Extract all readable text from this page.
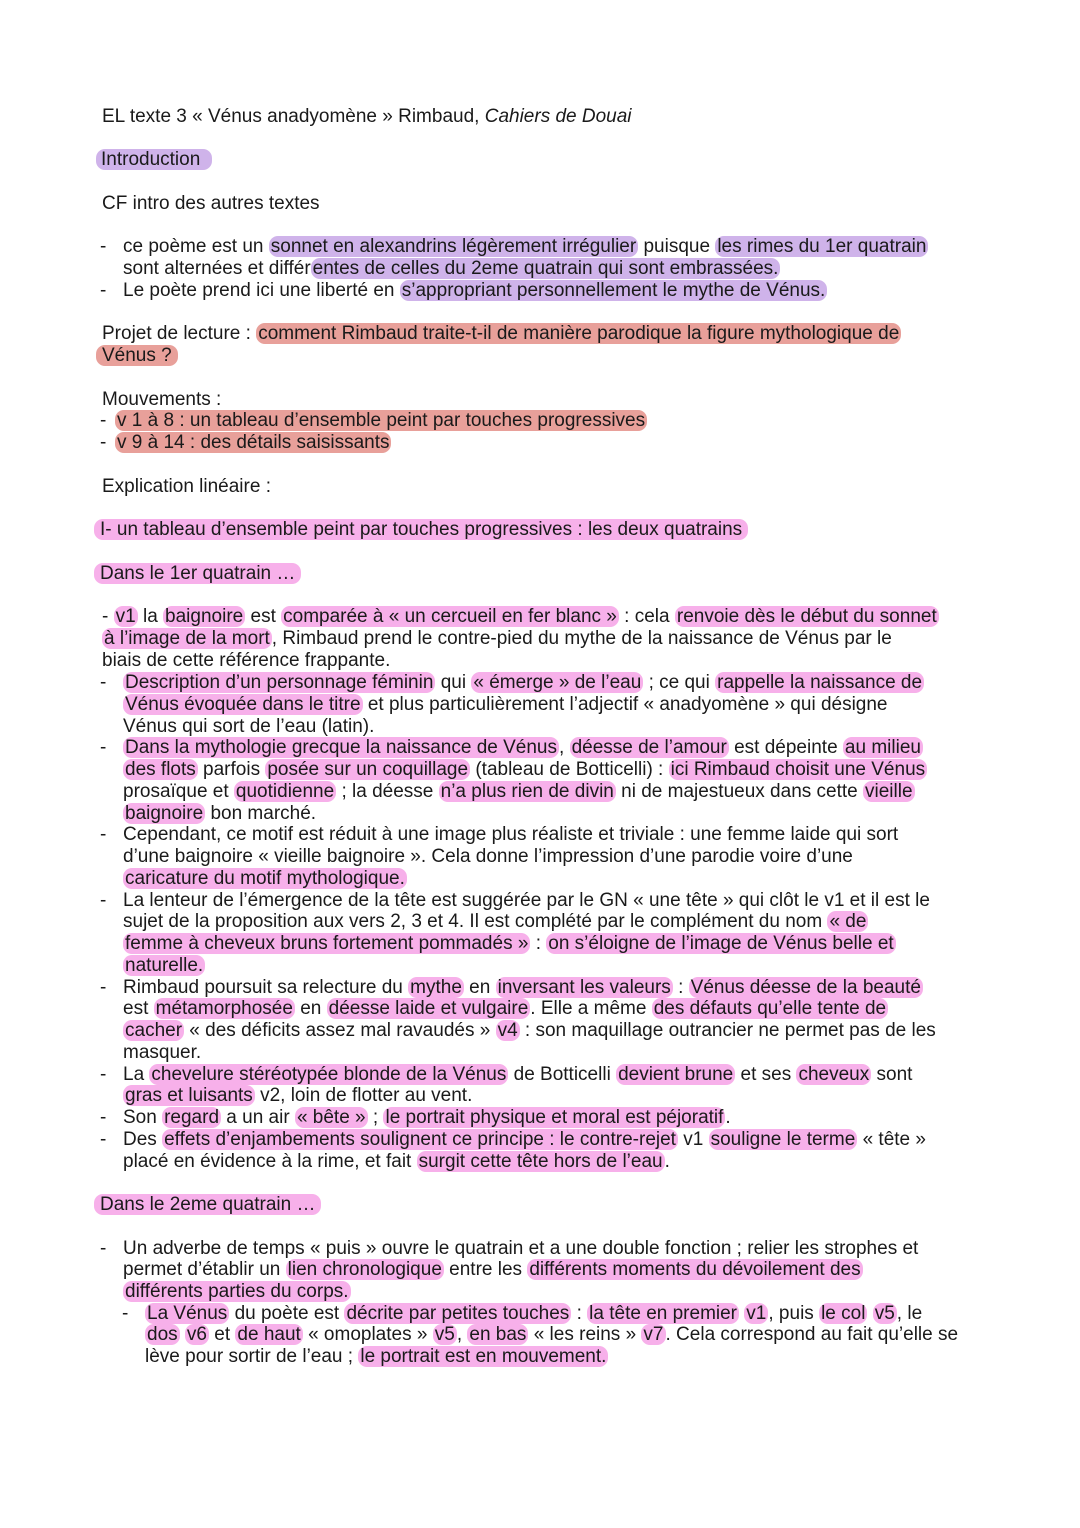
EL texte 3 « Vénus anadyomène » Rimbaud, Cahiers de Douai
Introduction
CF intro des autres textes
- ce poème est un sonnet en alexandrins légèrement irrégulier puisque les rimes du 1er quatrain
sont alternées et différ entes de celles du 2eme quatrain qui sont embrassées.
- Le poète prend ici une liberté en s’appropriant personnellement le mythe de Vénus.
Projet de lecture : comment Rimbaud traite-t-il de manière parodique la figure mythologique de
Vénus ?
Mouvements :
- v 1 à 8 : un tableau d’ensemble peint par touches progressives
- v 9 à 14 : des détails saisissants
Explication linéaire :
I- un tableau d’ensemble peint par touches progressives : les deux quatrains
Dans le 1er quatrain …
- v1 la baignoire est comparée à « un cercueil en fer blanc » : cela renvoie dès le début du sonnet
à l’image de la mort , Rimbaud prend le contre-pied du mythe de la naissance de Vénus par le
biais de cette référence frappante.
- Description d’un personnage féminin qui « émerge » de l’eau ; ce qui rappelle la naissance de
Vénus évoquée dans le titre et plus particulièrement l’adjectif « anadyomène » qui désigne
Vénus qui sort de l’eau (latin).
- Dans la mythologie grecque la naissance de Vénus , déesse de l’amour est dépeinte au milieu
des flots parfois posée sur un coquillage (tableau de Botticelli) : ici Rimbaud choisit une Vénus
prosaïque et quotidienne ; la déesse n’a plus rien de divin ni de majestueux dans cette vieille
baignoire bon marché.
- Cependant, ce motif est réduit à une image plus réaliste et triviale : une femme laide qui sort
d’une baignoire « vieille baignoire ». Cela donne l’impression d’une parodie voire d’une
caricature du motif mythologique.
- La lenteur de l’émergence de la tête est suggérée par le GN « une tête » qui clôt le v1 et il est le
sujet de la proposition aux vers 2, 3 et 4. Il est complété par le complément du nom « de
femme à cheveux bruns fortement pommadés » : on s’éloigne de l’image de Vénus belle et
naturelle.
- Rimbaud poursuit sa relecture du mythe en inversant les valeurs : Vénus déesse de la beauté
est métamorphosée en déesse laide et vulgaire . Elle a même des défauts qu’elle tente de
cacher « des déficits assez mal ravaudés » v4 : son maquillage outrancier ne permet pas de les
masquer.
- La chevelure stéréotypée blonde de la Vénus de Botticelli devient brune et ses cheveux sont
gras et luisants v2, loin de flotter au vent.
- Son regard a un air « bête » ; le portrait physique et moral est péjoratif .
- Des effets d’enjambements soulignent ce principe : le contre-rejet v1 souligne le terme « tête »
placé en évidence à la rime, et fait surgit cette tête hors de l’eau .
Dans le 2eme quatrain …
- Un adverbe de temps « puis » ouvre le quatrain et a une double fonction ; relier les strophes et
permet d’établir un lien chronologique entre les différents moments du dévoilement des
différents parties du corps.
- La Vénus du poète est décrite par petites touches : la tête en premier v1 , puis le col v5 , le
dos v6 et de haut « omoplates » v5 , en bas « les reins » v7 . Cela correspond au fait qu’elle se
lève pour sortir de l’eau ; le portrait est en mouvement.
